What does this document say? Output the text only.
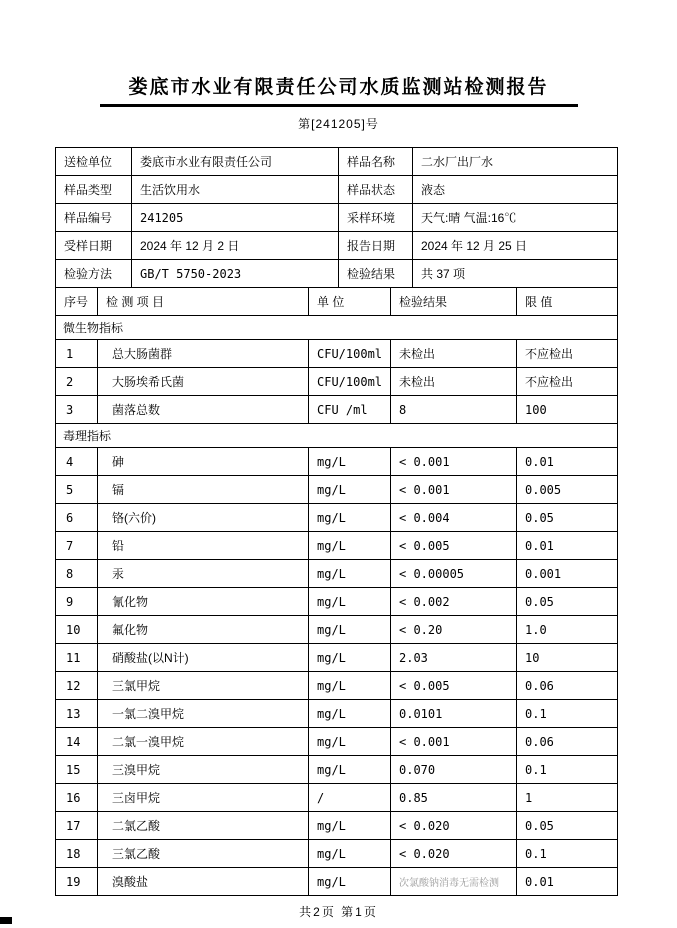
娄底市水业有限责任公司水质监测站检测报告
第[241205]号
送检单位	娄底市水业有限责任公司	样品名称	二水厂出厂水
样品类型	生活饮用水	样品状态	液态
样品编号	241205	采样环境	天气:晴 气温:16℃
受样日期	2024 年 12 月 2 日	报告日期	2024 年 12 月 25 日
检验方法	GB/T 5750-2023	检验结果	共 37 项
序号	检 测 项 目	单 位	检验结果	限 值
微生物指标				
1	总大肠菌群	CFU/100ml	未检出	不应检出
2	大肠埃希氏菌	CFU/100ml	未检出	不应检出
3	菌落总数	CFU /ml	8	100
毒理指标				
4	砷	mg/L	< 0.001	0.01
5	镉	mg/L	< 0.001	0.005
6	铬(六价)	mg/L	< 0.004	0.05
7	铅	mg/L	< 0.005	0.01
8	汞	mg/L	< 0.00005	0.001
9	氰化物	mg/L	< 0.002	0.05
10	氟化物	mg/L	< 0.20	1.0
11	硝酸盐(以N计)	mg/L	2.03	10
12	三氯甲烷	mg/L	< 0.005	0.06
13	一氯二溴甲烷	mg/L	0.0101	0.1
14	二氯一溴甲烷	mg/L	< 0.001	0.06
15	三溴甲烷	mg/L	0.070	0.1
16	三卤甲烷	/	0.85	1
17	二氯乙酸	mg/L	< 0.020	0.05
18	三氯乙酸	mg/L	< 0.020	0.1
19	溴酸盐	mg/L	次氯酸钠消毒无需检测	0.01
共2页 第1页
